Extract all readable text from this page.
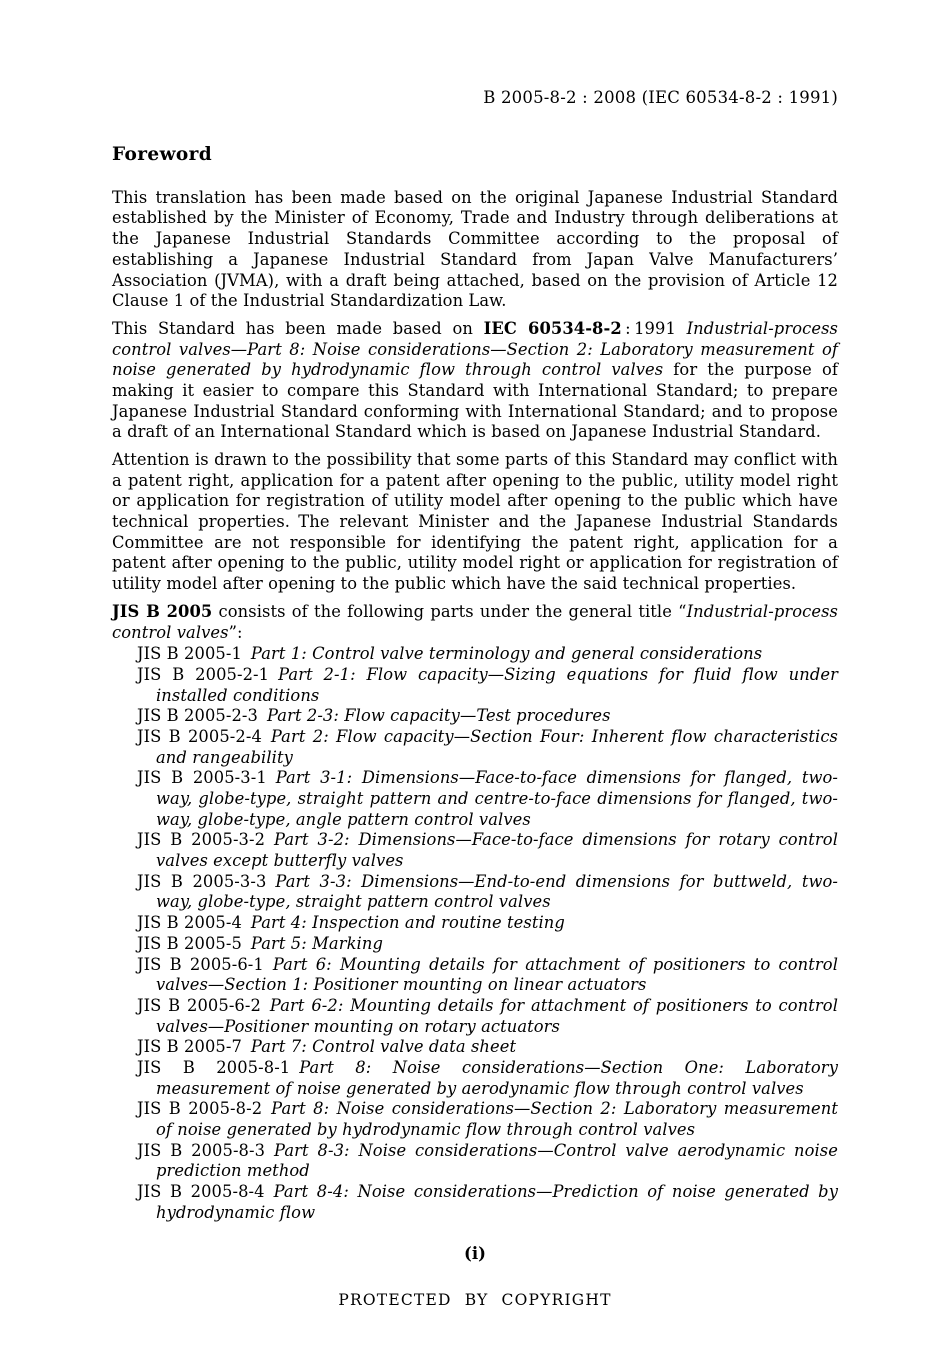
B 2005-8-2 : 2008 (IEC 60534-8-2 : 1991)
Foreword

This translation has been made based on the original Japanese Industrial Standard established by the Minister of Economy, Trade and Industry through deliberations at the Japanese Industrial Standards Committee according to the proposal of establishing a Japanese Industrial Standard from Japan Valve Manufacturers’ Association (JVMA), with a draft being attached, based on the provision of Article 12 Clause 1 of the Industrial Standardization Law.

This Standard has been made based on IEC 60534-8-2 : 1991 Industrial-process control valves—Part 8: Noise considerations—Section 2: Laboratory measurement of noise generated by hydrodynamic flow through control valves for the purpose of making it easier to compare this Standard with International Standard; to prepare Japanese Industrial Standard conforming with International Standard; and to propose a draft of an International Standard which is based on Japanese Industrial Standard.

Attention is drawn to the possibility that some parts of this Standard may conflict with a patent right, application for a patent after opening to the public, utility model right or application for registration of utility model after opening to the public which have technical properties. The relevant Minister and the Japanese Industrial Standards Committee are not responsible for identifying the patent right, application for a patent after opening to the public, utility model right or application for registration of utility model after opening to the public which have the said technical properties.

JIS B 2005 consists of the following parts under the general title “Industrial-process control valves”:

JIS B 2005-1 Part 1: Control valve terminology and general considerations
JIS B 2005-2-1 Part 2-1: Flow capacity—Sizing equations for fluid flow under installed conditions
JIS B 2005-2-3 Part 2-3: Flow capacity—Test procedures
JIS B 2005-2-4 Part 2: Flow capacity—Section Four: Inherent flow characteristics and rangeability
JIS B 2005-3-1 Part 3-1: Dimensions—Face-to-face dimensions for flanged, two-way, globe-type, straight pattern and centre-to-face dimensions for flanged, two-way, globe-type, angle pattern control valves
JIS B 2005-3-2 Part 3-2: Dimensions—Face-to-face dimensions for rotary control valves except butterfly valves
JIS B 2005-3-3 Part 3-3: Dimensions—End-to-end dimensions for buttweld, two-way, globe-type, straight pattern control valves
JIS B 2005-4 Part 4: Inspection and routine testing
JIS B 2005-5 Part 5: Marking
JIS B 2005-6-1 Part 6: Mounting details for attachment of positioners to control valves—Section 1: Positioner mounting on linear actuators
JIS B 2005-6-2 Part 6-2: Mounting details for attachment of positioners to control valves—Positioner mounting on rotary actuators
JIS B 2005-7 Part 7: Control valve data sheet
JIS B 2005-8-1 Part 8: Noise considerations—Section One: Laboratory measurement of noise generated by aerodynamic flow through control valves
JIS B 2005-8-2 Part 8: Noise considerations—Section 2: Laboratory measurement of noise generated by hydrodynamic flow through control valves
JIS B 2005-8-3 Part 8-3: Noise considerations—Control valve aerodynamic noise prediction method
JIS B 2005-8-4 Part 8-4: Noise considerations—Prediction of noise generated by hydrodynamic flow
(i)
PROTECTED BY COPYRIGHT
